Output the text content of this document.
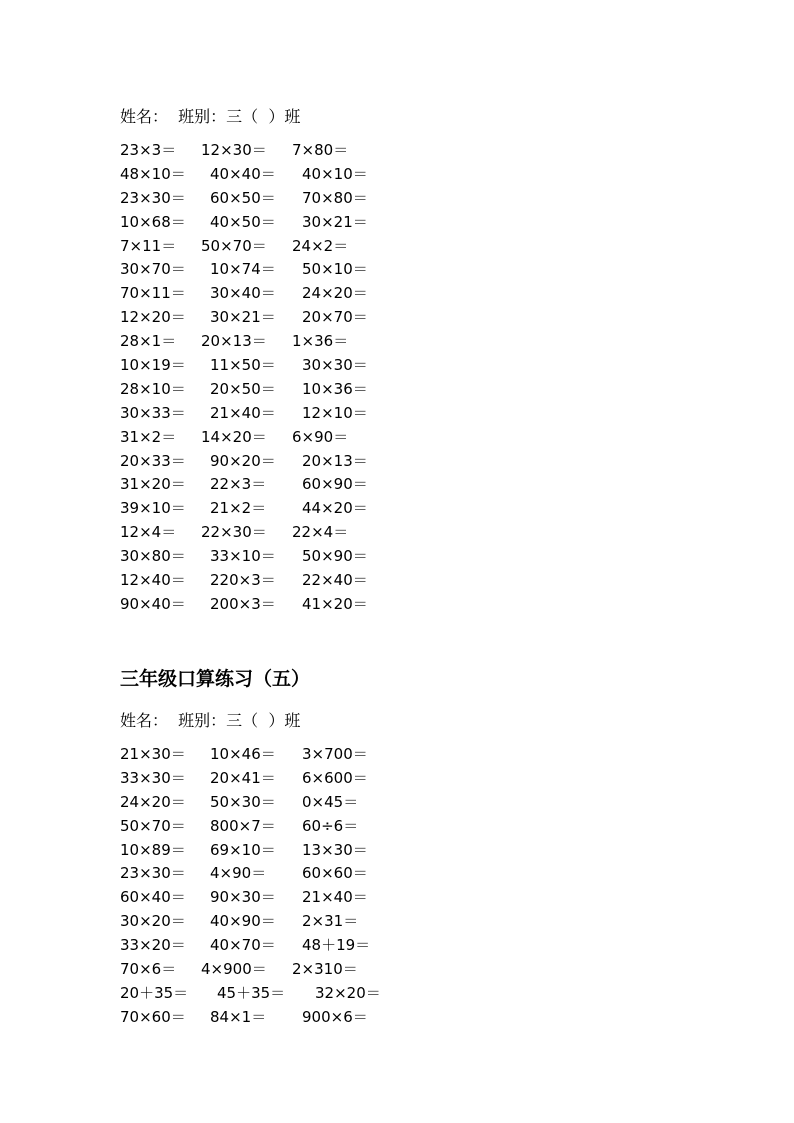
姓名：  班别：三（  ）班
23×3＝ 12×30＝ 7×80＝
48×10＝ 40×40＝ 40×10＝
23×30＝ 60×50＝ 70×80＝
10×68＝ 40×50＝ 30×21＝
7×11＝ 50×70＝ 24×2＝
30×70＝ 10×74＝ 50×10＝
70×11＝ 30×40＝ 24×20＝
12×20＝ 30×21＝ 20×70＝
28×1＝ 20×13＝ 1×36＝
10×19＝ 11×50＝ 30×30＝
28×10＝ 20×50＝ 10×36＝
30×33＝ 21×40＝ 12×10＝
31×2＝ 14×20＝ 6×90＝
20×33＝ 90×20＝ 20×13＝
31×20＝ 22×3＝ 60×90＝
39×10＝ 21×2＝ 44×20＝
12×4＝ 22×30＝ 22×4＝
30×80＝ 33×10＝ 50×90＝
12×40＝ 220×3＝ 22×40＝
90×40＝ 200×3＝ 41×20＝
三年级口算练习（五）
姓名：  班别：三（  ）班
21×30＝ 10×46＝ 3×700＝
33×30＝ 20×41＝ 6×600＝
24×20＝ 50×30＝ 0×45＝
50×70＝ 800×7＝ 60÷6＝
10×89＝ 69×10＝ 13×30＝
23×30＝ 4×90＝ 60×60＝
60×40＝ 90×30＝ 21×40＝
30×20＝ 40×90＝ 2×31＝
33×20＝ 40×70＝ 48＋19＝
70×6＝ 4×900＝ 2×310＝
20＋35＝ 45＋35＝ 32×20＝
70×60＝ 84×1＝ 900×6＝
